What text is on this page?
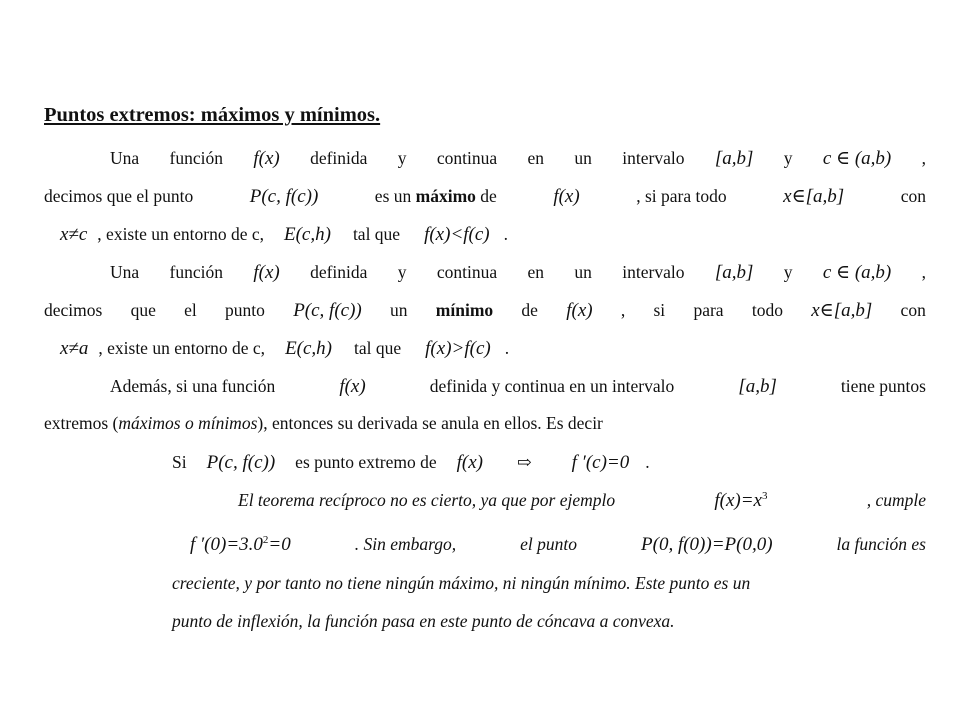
Puntos extremos: máximos y mínimos.
Una función f(x) definida y continua en un intervalo [a,b] y c ∈ (a,b) ,
decimos que el punto	P(c, f(c))	es un máximo de	f(x)	, si para todo	x∈[a,b]	con
x≠c , existe un entorno de c, E(c,h) tal que f(x)<f(c) .
Una función f(x) definida y continua en un intervalo [a,b] y c ∈ (a,b) ,
decimos que el punto P(c, f(c)) un mínimo de f(x) , si para todo x∈[a,b] con
x≠a , existe un entorno de c, E(c,h) tal que f(x)>f(c) .
Además, si una función	f(x)	definida y continua en un intervalo	[a,b]	tiene puntos
extremos ( máximos o mínimos ), entonces su derivada se anula en ellos. Es decir
Si P(c, f(c)) es punto extremo de f(x) ⇨ f ′(c)=0 .
El teorema recíproco no es cierto, ya que por ejemplo	$f(x)=x^3$	, cumple
f $'(0)=3.0^2=0$	. Sin embargo,	el punto	P(0, f(0))=P(0,0)	la función es
creciente, y por tanto no tiene ningún máximo, ni ningún mínimo. Este punto es un
punto de inflexión, la función pasa en este punto de cóncava a convexa.
